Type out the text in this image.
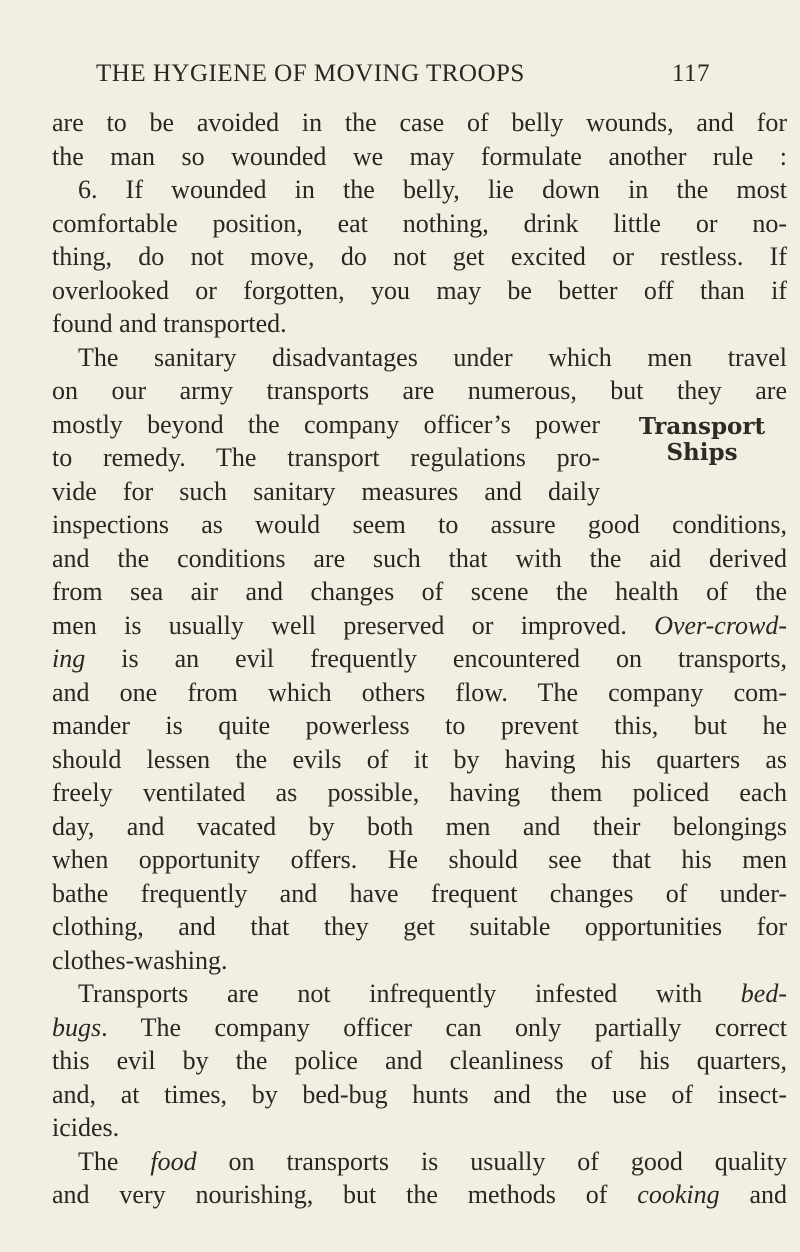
THE HYGIENE OF MOVING TROOPS	117
are to be avoided in the case of belly wounds, and for
the man so wounded we may formulate another rule :
6. If wounded in the belly, lie down in the most
comfortable position, eat nothing, drink little or no-
thing, do not move, do not get excited or restless. If
overlooked or forgotten, you may be better off than if
found and transported.
The sanitary disadvantages under which men travel
on our army transports are numerous, but they are
mostly beyond the company officer’s power
to remedy. The transport regulations pro-
vide for such sanitary measures and daily
inspections as would seem to assure good conditions,
and the conditions are such that with the aid derived
from sea air and changes of scene the health of the
men is usually well preserved or improved. Over-crowd-
ing is an evil frequently encountered on transports,
and one from which others flow. The company com-
mander is quite powerless to prevent this, but he
should lessen the evils of it by having his quarters as
freely ventilated as possible, having them policed each
day, and vacated by both men and their belongings
when opportunity offers. He should see that his men
bathe frequently and have frequent changes of under-
clothing, and that they get suitable opportunities for
clothes-washing.
Transports are not infrequently infested with bed-
bugs. The company officer can only partially correct
this evil by the police and cleanliness of his quarters,
and, at times, by bed-bug hunts and the use of insect-
icides.
The food on transports is usually of good quality
and very nourishing, but the methods of cooking and
Transport
Ships
